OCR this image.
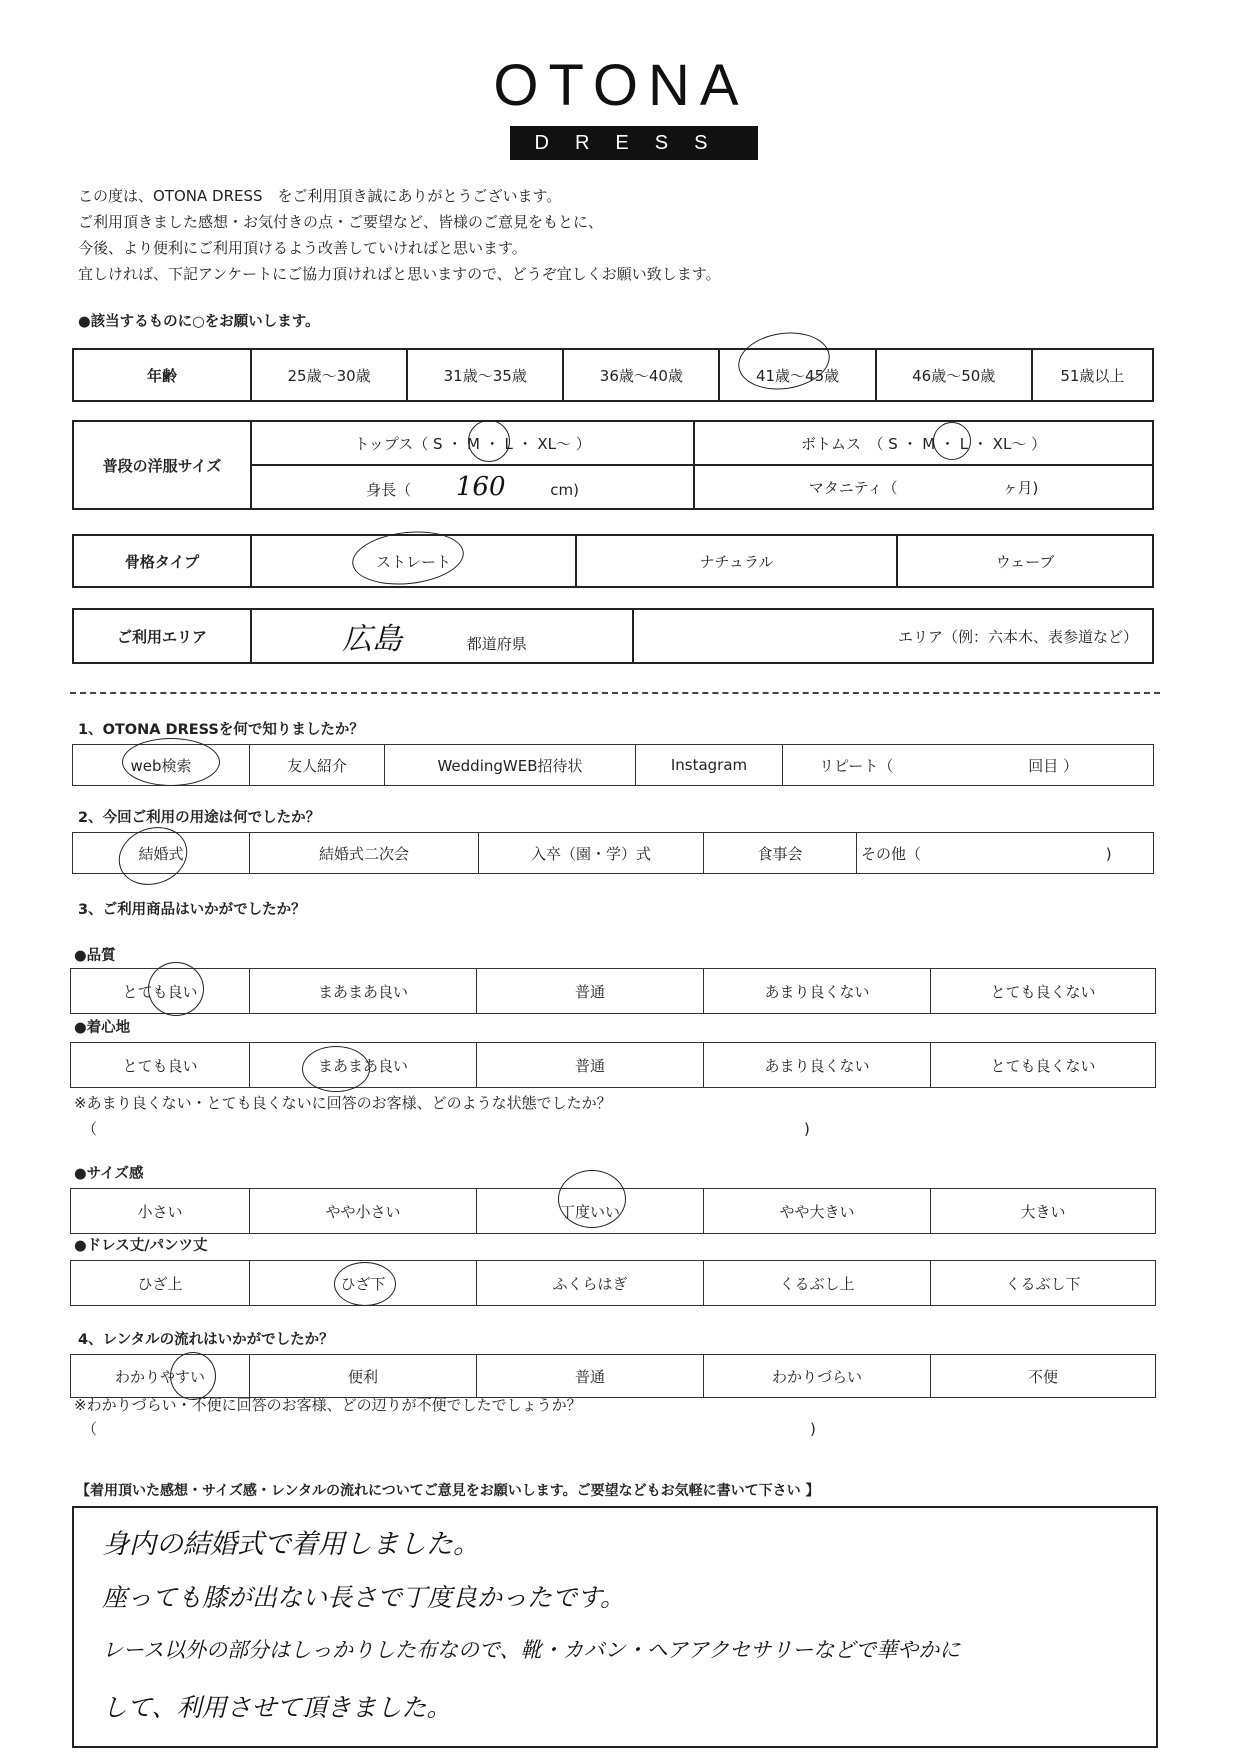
OTONA
DRESS
この度は、OTONA DRESS　をご利用頂き誠にありがとうございます。
ご利用頂きました感想・お気付きの点・ご要望など、皆様のご意見をもとに、
今後、より便利にご利用頂けるよう改善していければと思います。
宜しければ、下記アンケートにご協力頂ければと思いますので、どうぞ宜しくお願い致します。
●該当するものに○をお願いします。
年齢	25歳～30歳	31歳～35歳	36歳～40歳	41歳～45歳	46歳～50歳	51歳以上
普段の洋服サイズ	トップス（ S ・ M ・ L ・ XL～ ）	ボトムス　（ S ・ M ・ L ・ XL～ ）
	身長（ 160 cm)	マタニティ（　　　　　　　ヶ月)
骨格タイプ	ストレート	ナチュラル	ウェーブ
ご利用エリア	広島	都道府県	エリア（例：六本木、表参道など）
1、OTONA DRESSを何で知りましたか？
web検索	友人紹介	WeddingWEB招待状	Instagram	リピート（	回目 ）
2、今回ご利用の用途は何でしたか？
結婚式	結婚式二次会	入卒（園・学）式	食事会	その他（	)
3、ご利用商品はいかがでしたか？
●品質
とても良い	まあまあ良い	普通	あまり良くない	とても良くない
●着心地
とても良い	まあまあ良い	普通	あまり良くない	とても良くない
※あまり良くない・とても良くないに回答のお客様、どのような状態でしたか？
（	)
●サイズ感
小さい	やや小さい	丁度いい	やや大きい	大きい
●ドレス丈/パンツ丈
ひざ上	ひざ下	ふくらはぎ	くるぶし上	くるぶし下
4、レンタルの流れはいかがでしたか？
わかりやすい	便利	普通	わかりづらい	不便
※わかりづらい・不便に回答のお客様、どの辺りが不便でしたでしょうか？
（	)
【着用頂いた感想・サイズ感・レンタルの流れについてご意見をお願いします。ご要望などもお気軽に書いて下さい 】
身内の結婚式で着用しました。
座っても膝が出ない長さで丁度良かったです。
レース以外の部分はしっかりした布なので、靴・カバン・ヘアアクセサリーなどで華やかに
して、利用させて頂きました。
